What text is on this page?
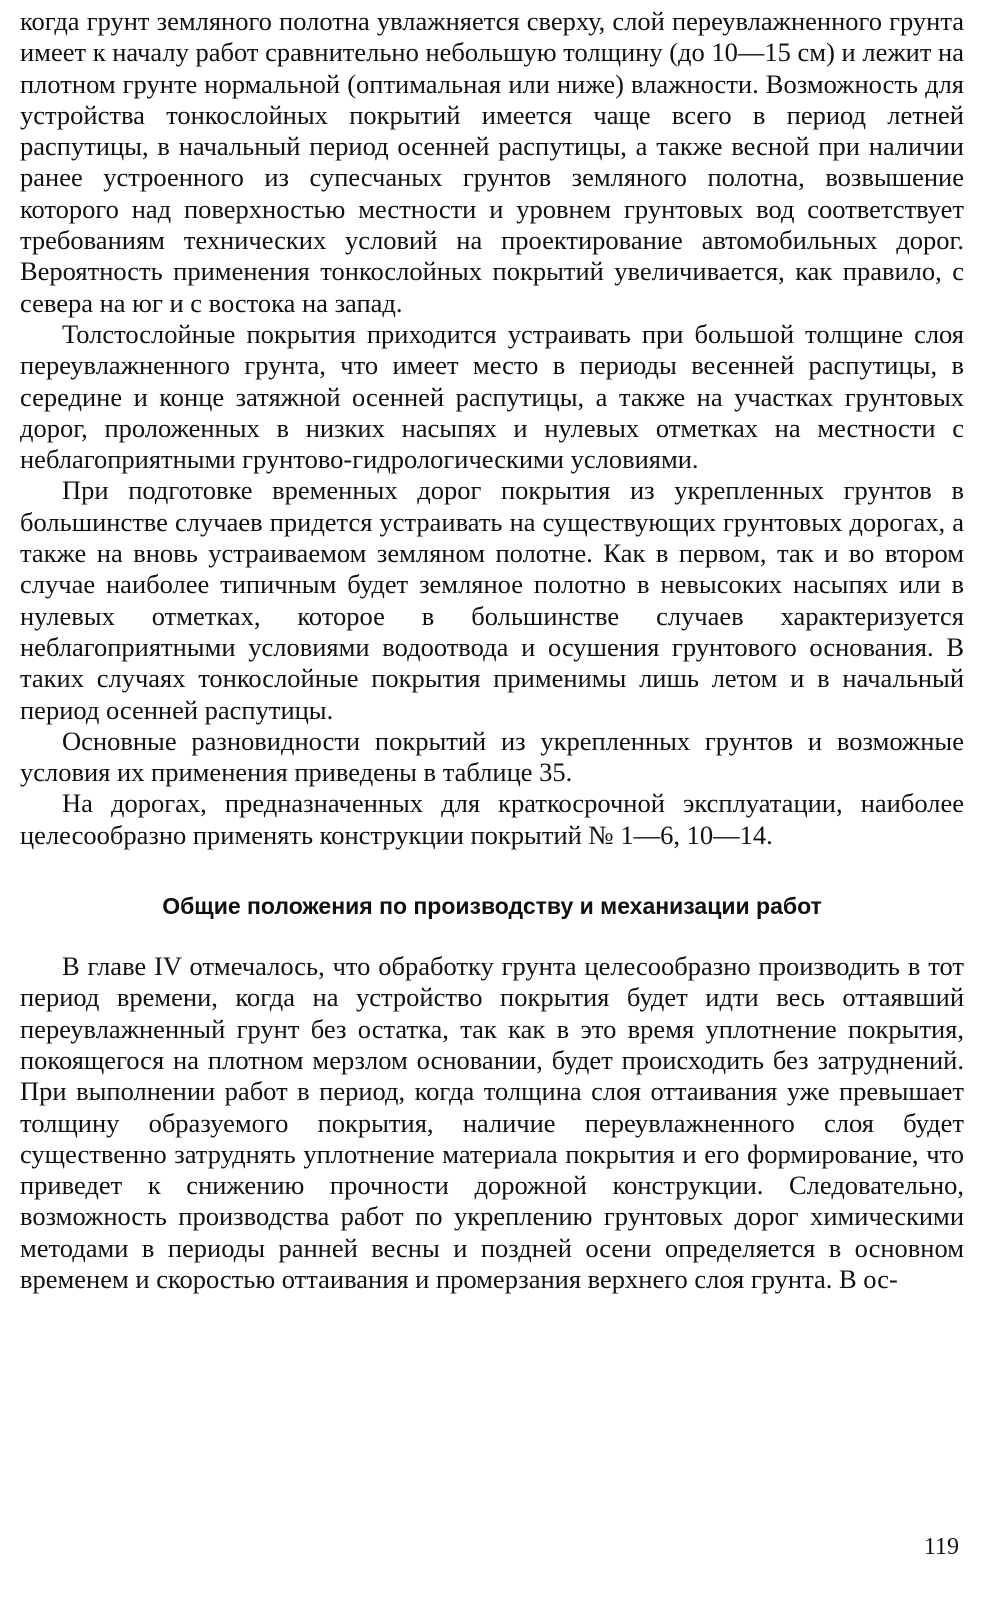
когда грунт земляного полотна увлажняется сверху, слой переувлажненного грунта имеет к началу работ сравнительно небольшую толщину (до 10—15 см) и лежит на плотном грунте нормальной (оптимальная или ниже) влажности. Возможность для устройства тонкослойных покрытий имеется чаще всего в период летней распутицы, в начальный период осенней распутицы, а также весной при наличии ранее устроенного из супесчаных грунтов земляного полотна, возвышение которого над поверхностью местности и уровнем грунтовых вод соответствует требованиям технических условий на проектирование автомобильных дорог. Вероятность применения тонкослойных покрытий увеличивается, как правило, с севера на юг и с востока на запад.

Толстослойные покрытия приходится устраивать при большой толщине слоя переувлажненного грунта, что имеет место в периоды весенней распутицы, в середине и конце затяжной осенней распутицы, а также на участках грунтовых дорог, проложенных в низких насыпях и нулевых отметках на местности с неблагоприятными грунтово-гидрологическими условиями.

При подготовке временных дорог покрытия из укрепленных грунтов в большинстве случаев придется устраивать на существующих грунтовых дорогах, а также на вновь устраиваемом земляном полотне. Как в первом, так и во втором случае наиболее типичным будет земляное полотно в невысоких насыпях или в нулевых отметках, которое в большинстве случаев характеризуется неблагоприятными условиями водоотвода и осушения грунтового основания. В таких случаях тонкослойные покрытия применимы лишь летом и в начальный период осенней распутицы.

Основные разновидности покрытий из укрепленных грунтов и возможные условия их применения приведены в таблице 35.

На дорогах, предназначенных для краткосрочной эксплуатации, наиболее целесообразно применять конструкции покрытий № 1—6, 10—14.

Общие положения по производству и механизации работ

В главе IV отмечалось, что обработку грунта целесообразно производить в тот период времени, когда на устройство покрытия будет идти весь оттаявший переувлажненный грунт без остатка, так как в это время уплотнение покрытия, покоящегося на плотном мерзлом основании, будет происходить без затруднений. При выполнении работ в период, когда толщина слоя оттаивания уже превышает толщину образуемого покрытия, наличие переувлажненного слоя будет существенно затруднять уплотнение материала покрытия и его формирование, что приведет к снижению прочности дорожной конструкции. Следовательно, возможность производства работ по укреплению грунтовых дорог химическими методами в периоды ранней весны и поздней осени определяется в основном временем и скоростью оттаивания и промерзания верхнего слоя грунта. В ос-

119
